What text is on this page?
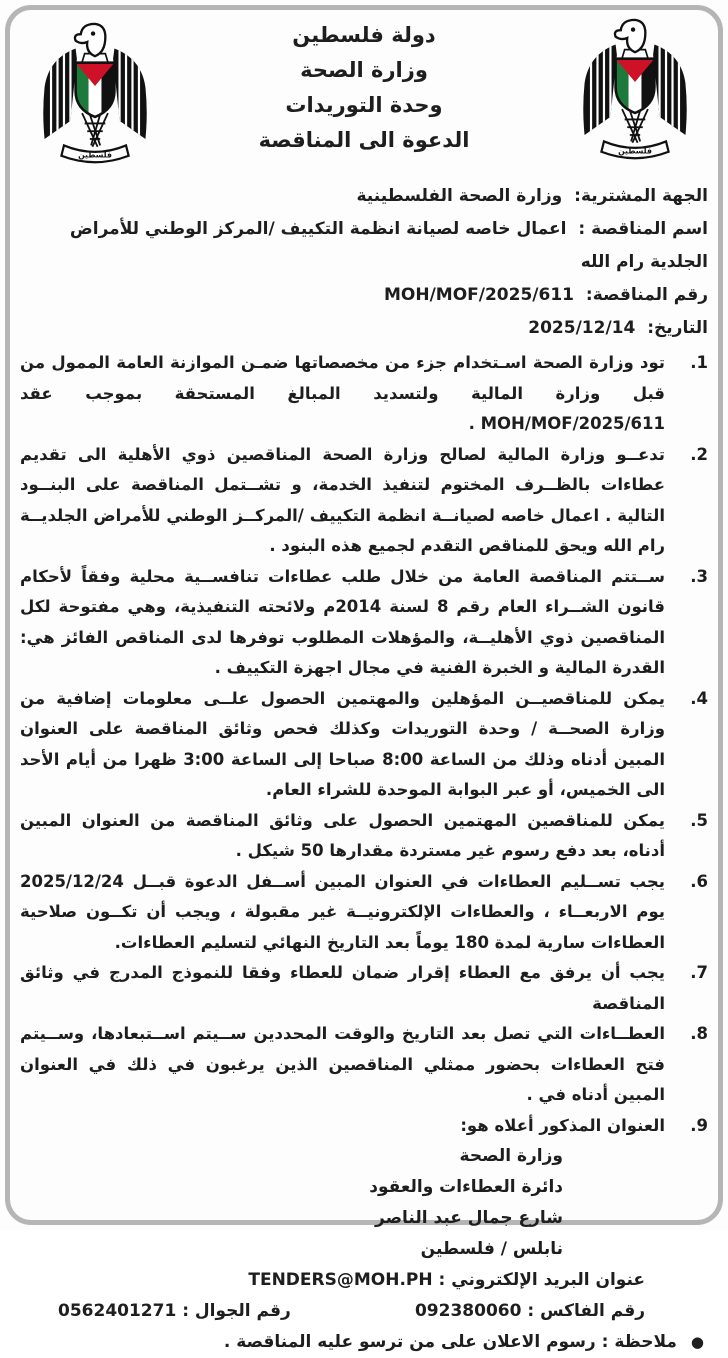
دولة فلسطين
وزارة الصحة
وحدة التوريدات
الدعوة الى المناقصة
الجهة المشترية: وزارة الصحة الفلسطينية
اسم المناقصة : اعمال خاصه لصيانة انظمة التكييف /المركز الوطني للأمراض الجلدية رام الله
رقم المناقصة: MOH/MOF/2025/611
التاريخ: 2025/12/14
1.
تود وزارة الصحة اسـتخدام جزء من مخصصاتها ضمـن الموازنة العامة الممول من قبل وزارة المالية ولتسديد المبالغ المستحقة بموجب عقد MOH/MOF/2025/611 .
2.
تدعــو وزارة المالية لصالح وزارة الصحة المناقصين ذوي الأهلية الى تقديم عطاءات بالظــرف المختوم لتنفيذ الخدمة، و تشــتمل المناقصة على البنــود التالية . اعمال خاصه لصيانــة انظمة التكييف /المركــز الوطني للأمراض الجلديــة رام الله ويحق للمناقص التقدم لجميع هذه البنود .
3.
ســتتم المناقصة العامة من خلال طلب عطاءات تنافســية محلية وفقاً لأحكام قانون الشــراء العام رقم 8 لسنة 2014م ولائحته التنفيذية، وهي مفتوحة لكل المناقصين ذوي الأهليــة، والمؤهلات المطلوب توفرها لدى المناقص الفائز هي: القدرة المالية و الخبرة الفنية في مجال اجهزة التكييف .
4.
يمكن للمناقصيــن المؤهلين والمهتمين الحصول علــى معلومات إضافية من وزارة الصحــة / وحدة التوريدات وكذلك فحص وثائق المناقصة على العنوان المبين أدناه وذلك من الساعة 8:00 صباحا إلى الساعة 3:00 ظهرا من أيام الأحد الى الخميس، أو عبر البوابة الموحدة للشراء العام.
5.
يمكن للمناقصين المهتمين الحصول على وثائق المناقصة من العنوان المبين أدناه، بعد دفع رسوم غير مستردة مقدارها 50 شيكل .
6.
يجب تســليم العطاءات في العنوان المبين أســفل الدعوة قبــل 2025/12/24 يوم الاربعــاء ، والعطاءات الإلكترونيــة غير مقبولة ، ويجب أن تكــون صلاحية العطاءات سارية لمدة 180 يوماً بعد التاريخ النهائي لتسليم العطاءات.
7.
يجب أن يرفق مع العطاء إقرار ضمان للعطاء وفقا للنموذج المدرج في وثائق المناقصة
8.
العطــاءات التي تصل بعد التاريخ والوقت المحددين ســيتم اســتبعادها، وســيتم فتح العطاءات بحضور ممثلي المناقصين الذين يرغبون في ذلك في العنوان المبين أدناه في .
9.
العنوان المذكور أعلاه هو:
وزارة الصحة
دائرة العطاءات والعقود
شارع جمال عبد الناصر
نابلس / فلسطين
عنوان البريد الإلكتروني : TENDERS@MOH.PH
رقم الفاكس : 092380060
رقم الجوال : 0562401271
●
ملاحظة : رسوم الاعلان على من ترسو عليه المناقصة .
